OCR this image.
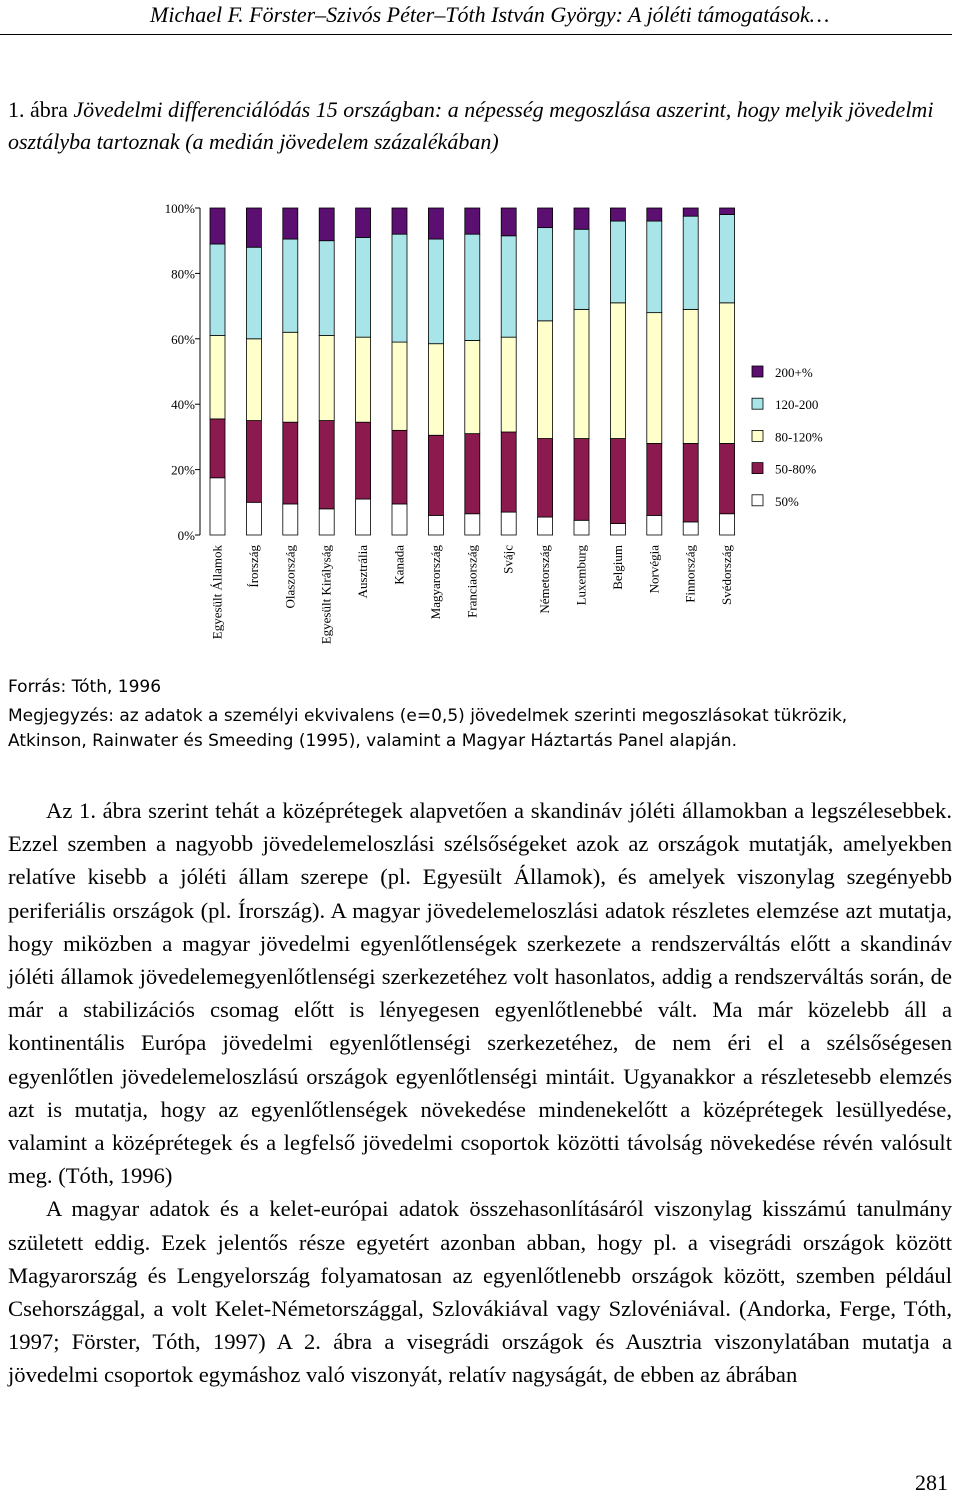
Michael F. Förster–Szivós Péter–Tóth István György: A jóléti támogatások…
1. ábra Jövedelmi differenciálódás 15 országban: a népesség megoszlása aszerint, hogy melyik jövedelmi osztályba tartoznak (a medián jövedelem százalékában)
0%
20%
40%
60%
80%
100%
Egyesült Államok Írország Olaszország Egyesült Királyság Ausztrália Kanada Magyarország Franciaország Svájc Németország Luxemburg Belgium Norvégia Finnország Svédország
200+%
120-200
80-120%
50-80%
50%
Forrás: Tóth, 1996
Megjegyzés: az adatok a személyi ekvivalens (e=0,5) jövedelmek szerinti megoszlásokat tükrözik,
Atkinson, Rainwater és Smeeding (1995), valamint a Magyar Háztartás Panel alapján.

Az 1. ábra szerint tehát a középrétegek alapvetően a skandináv jóléti államokban a legszélesebbek. Ezzel szemben a nagyobb jövedelemeloszlási szélsőségeket azok az országok mutatják, amelyekben relatíve kisebb a jóléti állam szerepe (pl. Egyesült Államok), és amelyek viszonylag szegényebb periferiális országok (pl. Írország). A magyar jövedelemeloszlási adatok részletes elemzése azt mutatja, hogy miközben a magyar jövedelmi egyenlőtlenségek szerkezete a rendszerváltás előtt a skandináv jóléti államok jövedelemegyenlőtlenségi szerkezetéhez volt hasonlatos, addig a rendszerváltás során, de már a stabilizációs csomag előtt is lényegesen egyenlőtlenebbé vált. Ma már közelebb áll a kontinentális Európa jövedelmi egyenlőtlenségi szerkezetéhez, de nem éri el a szélsőségesen egyenlőtlen jövedelemeloszlású országok egyenlőtlenségi mintáit. Ugyanakkor a részletesebb elemzés azt is mutatja, hogy az egyenlőtlenségek növekedése mindenekelőtt a középrétegek lesüllyedése, valamint a középrétegek és a legfelső jövedelmi csoportok közötti távolság növekedése révén valósult meg. (Tóth, 1996)

A magyar adatok és a kelet-európai adatok összehasonlításáról viszonylag kisszámú tanulmány született eddig. Ezek jelentős része egyetért azonban abban, hogy pl. a visegrádi országok között Magyarország és Lengyelország folyamatosan az egyenlőtlenebb országok között, szemben például Csehországgal, a volt Kelet-Németországgal, Szlovákiával vagy Szlovéniával. (Andorka, Ferge, Tóth, 1997; Förster, Tóth, 1997) A 2. ábra a visegrádi országok és Ausztria viszonylatában mutatja a jövedelmi csoportok egymáshoz való viszonyát, relatív nagyságát, de ebben az ábrában

281
